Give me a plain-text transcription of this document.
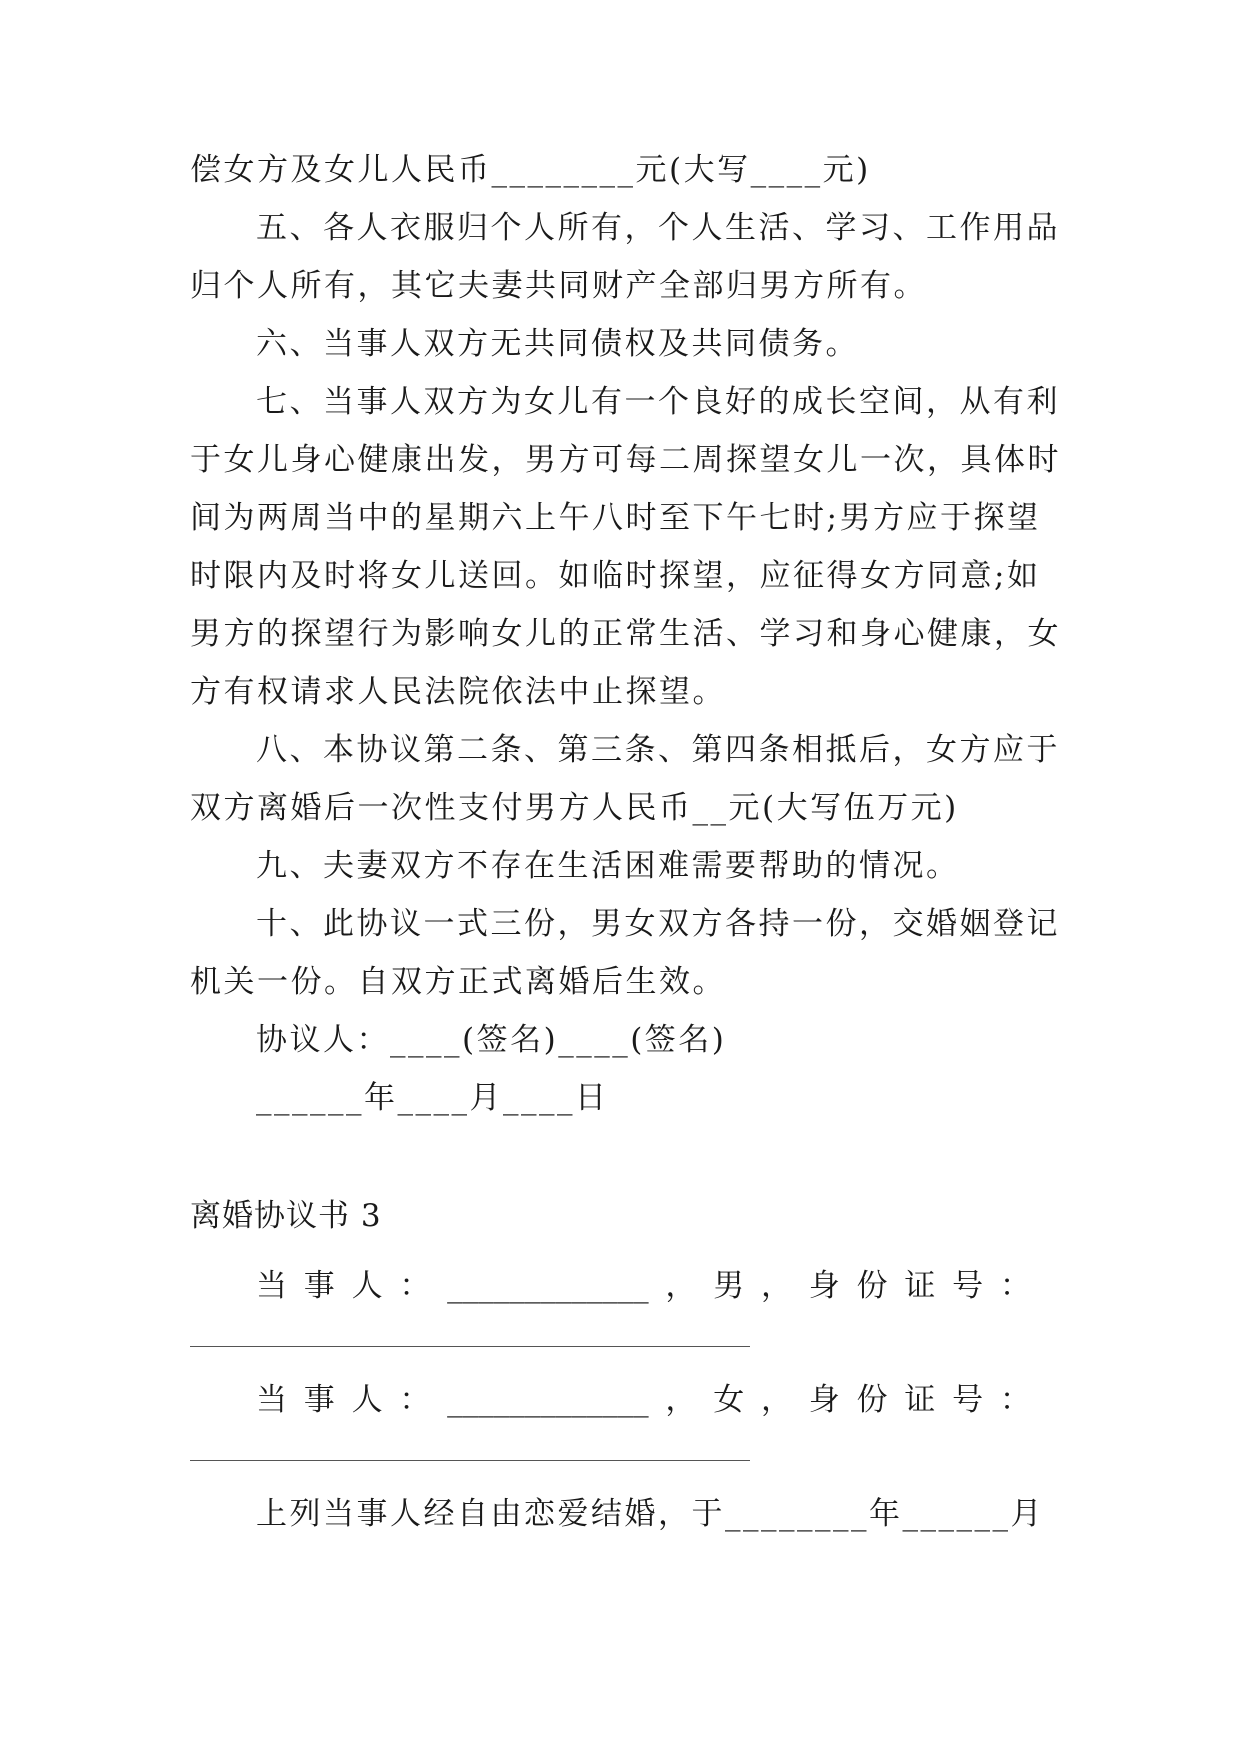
偿女方及女儿人民币________元(大写____元)
五、各人衣服归个人所有，个人生活、学习、工作用品
归个人所有，其它夫妻共同财产全部归男方所有。
六、当事人双方无共同债权及共同债务。
七、当事人双方为女儿有一个良好的成长空间，从有利
于女儿身心健康出发，男方可每二周探望女儿一次，具体时
间为两周当中的星期六上午八时至下午七时;男方应于探望
时限内及时将女儿送回。如临时探望，应征得女方同意;如
男方的探望行为影响女儿的正常生活、学习和身心健康，女
方有权请求人民法院依法中止探望。
八、本协议第二条、第三条、第四条相抵后，女方应于
双方离婚后一次性支付男方人民币__元(大写伍万元)
九、夫妻双方不存在生活困难需要帮助的情况。
十、此协议一式三份，男女双方各持一份，交婚姻登记
机关一份。自双方正式离婚后生效。
协议人：____(签名)____(签名)
______年____月____日
离婚协议书 3
当 事 人 ： _____________ ， 男 ， 身 份 证 号 ：
当 事 人 ： _____________ ， 女 ， 身 份 证 号 ：
上列当事人经自由恋爱结婚，于________年______月
